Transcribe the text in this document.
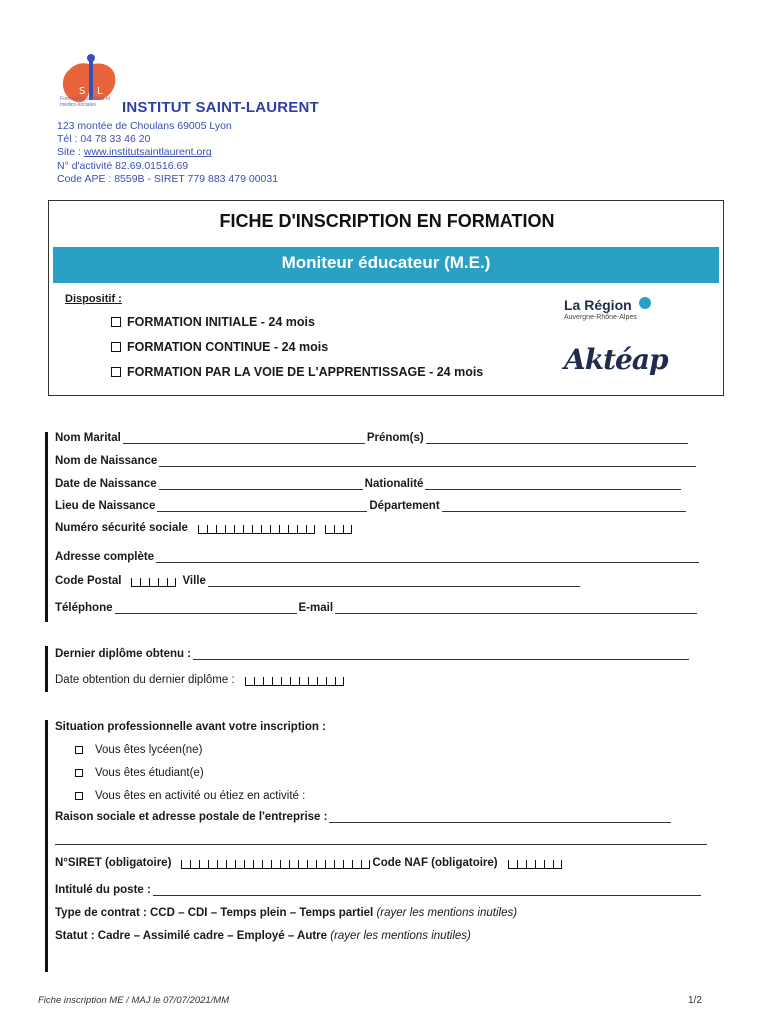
S L
Formations sociales et médico-sociales	INSTITUT SAINT-LAURENT
123 montée de Choulans 69005 Lyon
Tél : 04 78 33 46 20
Site : www.institutsaintlaurent.org
N° d'activité 82.69.01516.69
Code APE : 8559B - SIRET 779 883 479 00031
FICHE D'INSCRIPTION EN FORMATION
Moniteur éducateur (M.E.)
Dispositif :
FORMATION INITIALE - 24 mois
FORMATION CONTINUE - 24 mois
FORMATION PAR LA VOIE DE L'APPRENTISSAGE - 24 mois
La Région
Auvergne-Rhône-Alpes
Aktéap
Nom Marital	Prénom(s)
Nom de Naissance
Date de Naissance	Nationalité
Lieu de Naissance	Département
Numéro sécurité sociale
Adresse complète
Code Postal	Ville
Téléphone	E-mail
Dernier diplôme obtenu :
Date obtention du dernier diplôme :
Situation professionnelle avant votre inscription :
Vous êtes lycéen(ne)
Vous êtes étudiant(e)
Vous êtes en activité ou étiez en activité :
Raison sociale et adresse postale de l'entreprise :
N°SIRET (obligatoire)	Code NAF (obligatoire)
Intitulé du poste :
Type de contrat : CCD – CDI – Temps plein – Temps partiel
(rayer les mentions inutiles)
Statut : Cadre – Assimilé cadre – Employé – Autre
(rayer les mentions inutiles)
Fiche inscription ME / MAJ le 07/07/2021/MM	1/2
